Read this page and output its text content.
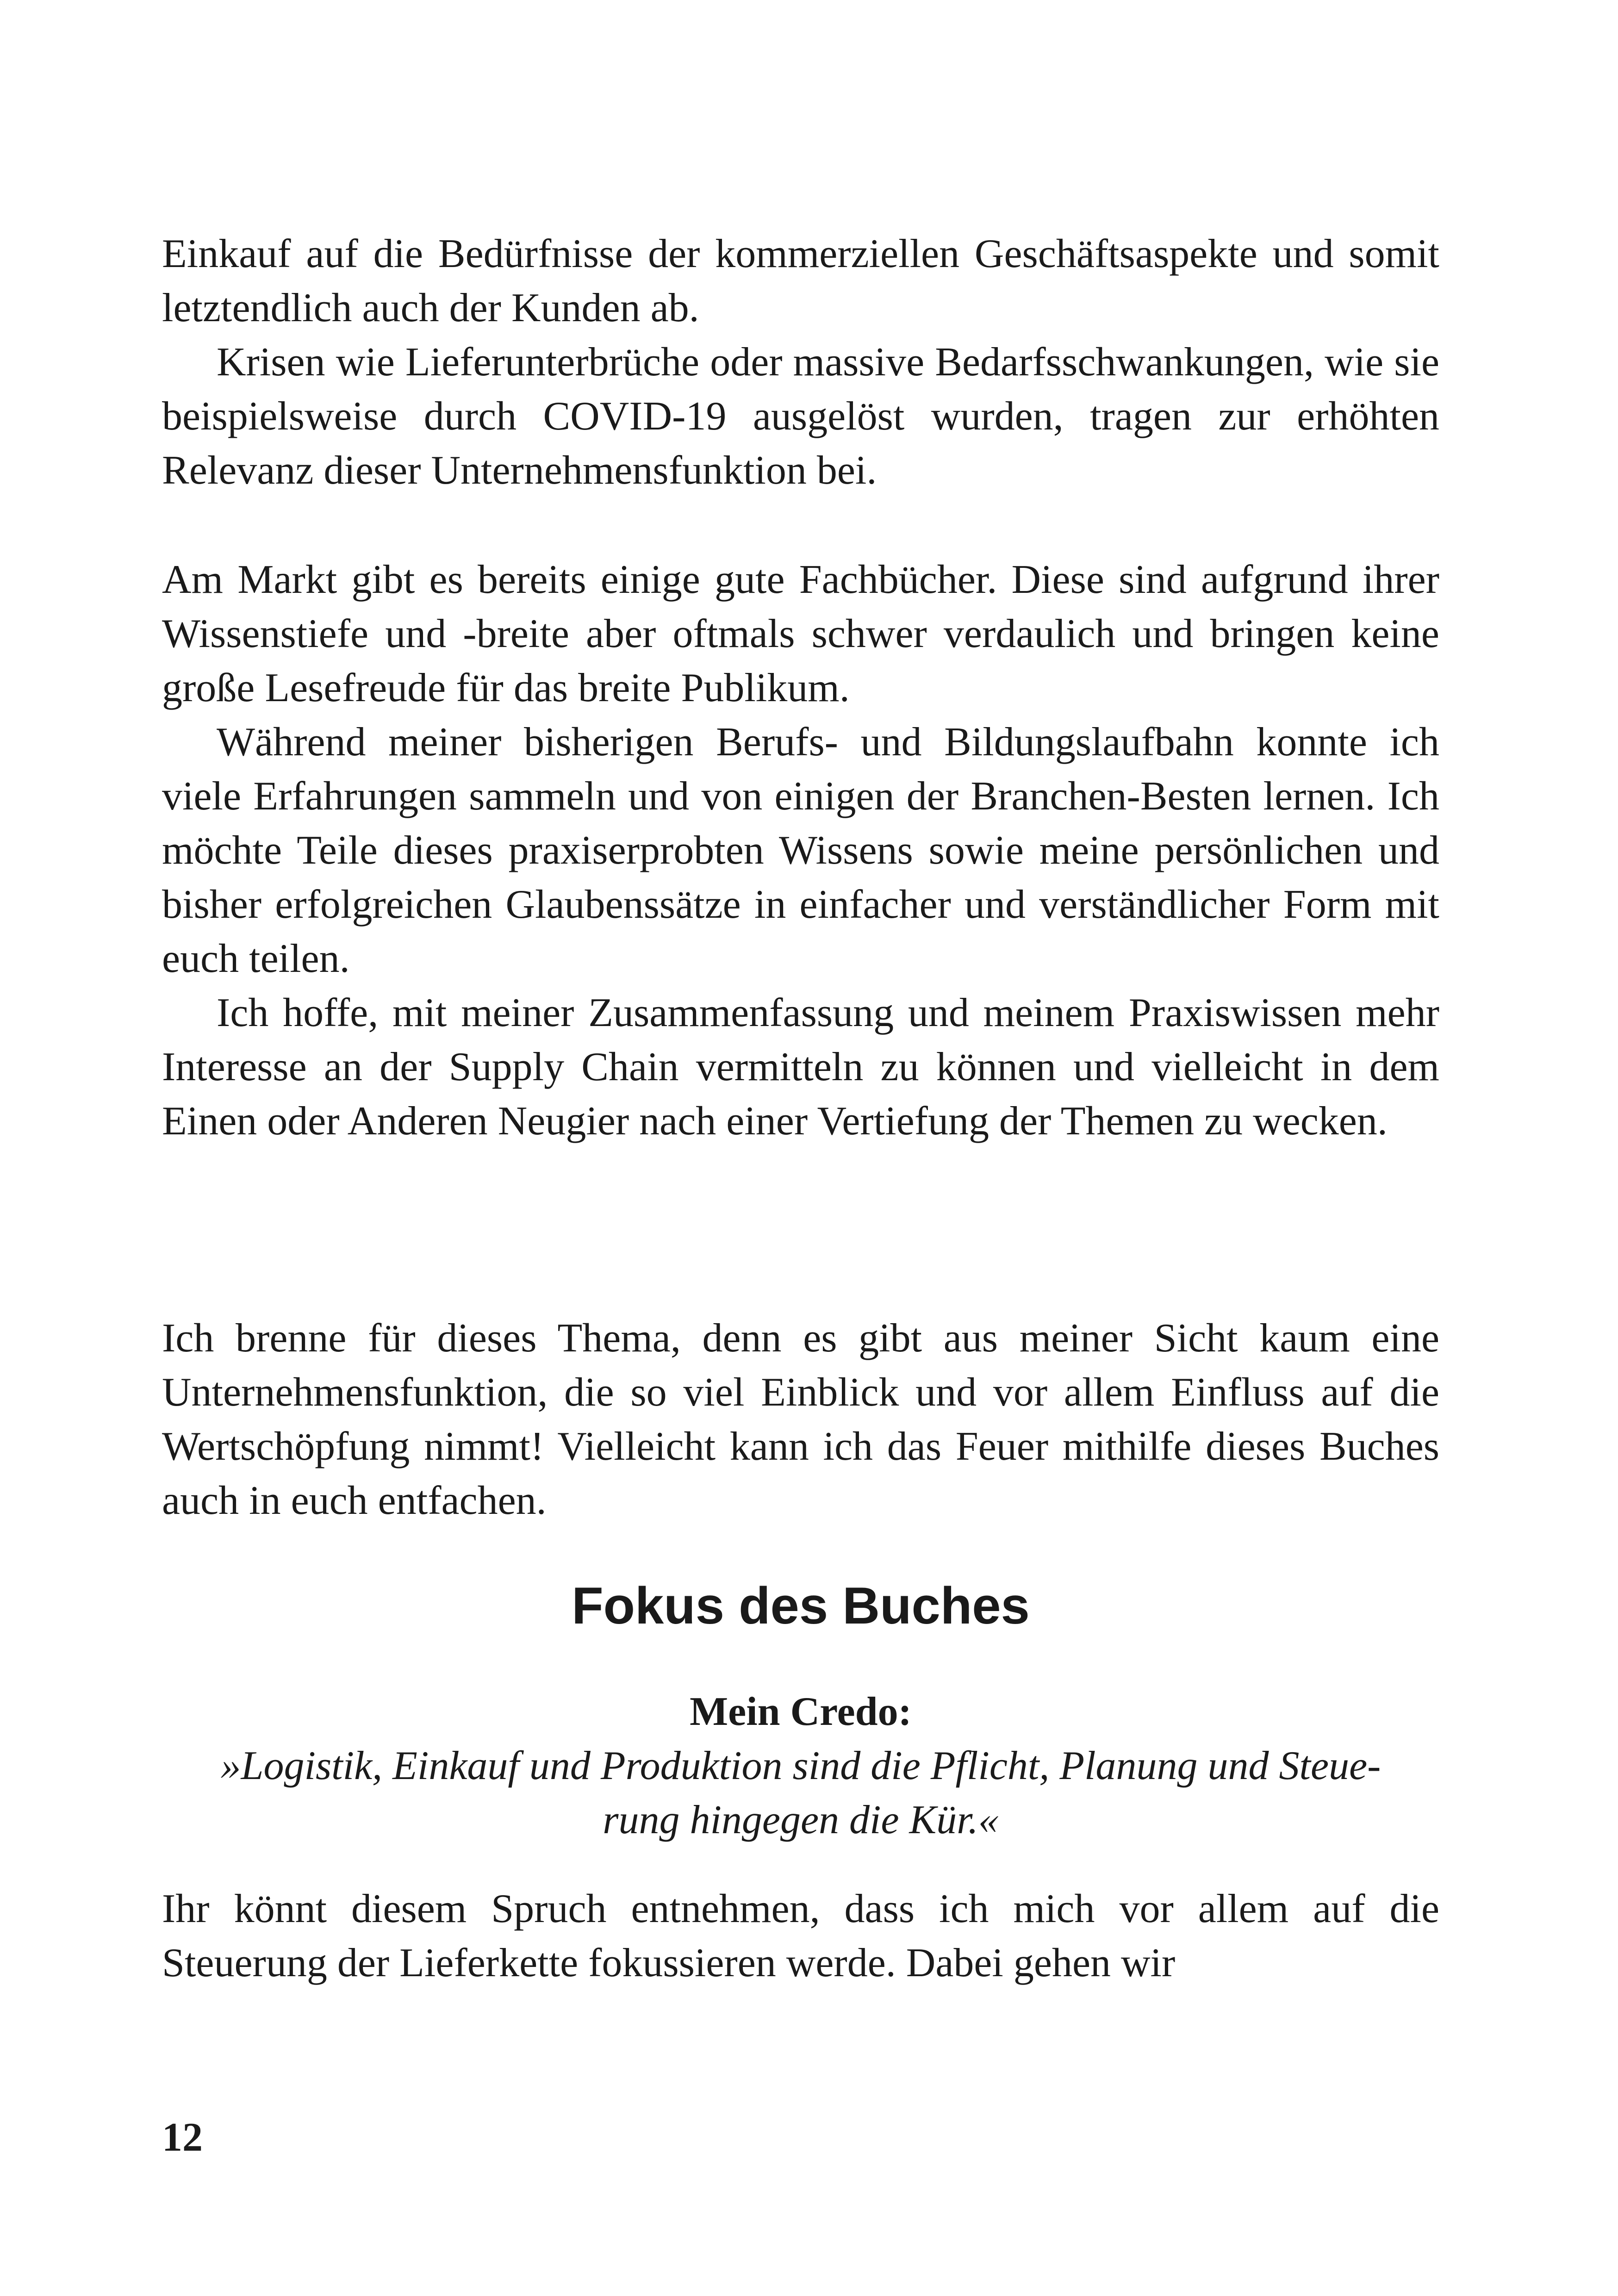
Einkauf auf die Bedürfnisse der kommerziellen Geschäftsaspekte und somit letztendlich auch der Kunden ab.

Krisen wie Lieferunterbrüche oder massive Bedarfsschwankungen, wie sie beispielsweise durch COVID-19 ausgelöst wurden, tragen zur erhöhten Relevanz dieser Unternehmensfunktion bei.

Am Markt gibt es bereits einige gute Fachbücher. Diese sind aufgrund ihrer Wissenstiefe und -breite aber oftmals schwer verdaulich und bringen keine große Lesefreude für das breite Publikum.

Während meiner bisherigen Berufs- und Bildungslaufbahn konnte ich viele Erfahrungen sammeln und von einigen der Branchen-Besten lernen. Ich möchte Teile dieses praxiserprobten Wissens sowie meine persönlichen und bisher erfolgreichen Glaubenssätze in einfacher und verständlicher Form mit euch teilen.

Ich hoffe, mit meiner Zusammenfassung und meinem Praxiswissen mehr Interesse an der Supply Chain vermitteln zu können und vielleicht in dem Einen oder Anderen Neugier nach einer Vertiefung der Themen zu wecken.

Ich brenne für dieses Thema, denn es gibt aus meiner Sicht kaum eine Unternehmensfunktion, die so viel Einblick und vor allem Einfluss auf die Wertschöpfung nimmt! Vielleicht kann ich das Feuer mithilfe dieses Buches auch in euch entfachen.

Fokus des Buches

Mein Credo:

»Logistik, Einkauf und Produktion sind die Pflicht, Planung und Steuerung hingegen die Kür.«

Ihr könnt diesem Spruch entnehmen, dass ich mich vor allem auf die Steuerung der Lieferkette fokussieren werde. Dabei gehen wir

12
